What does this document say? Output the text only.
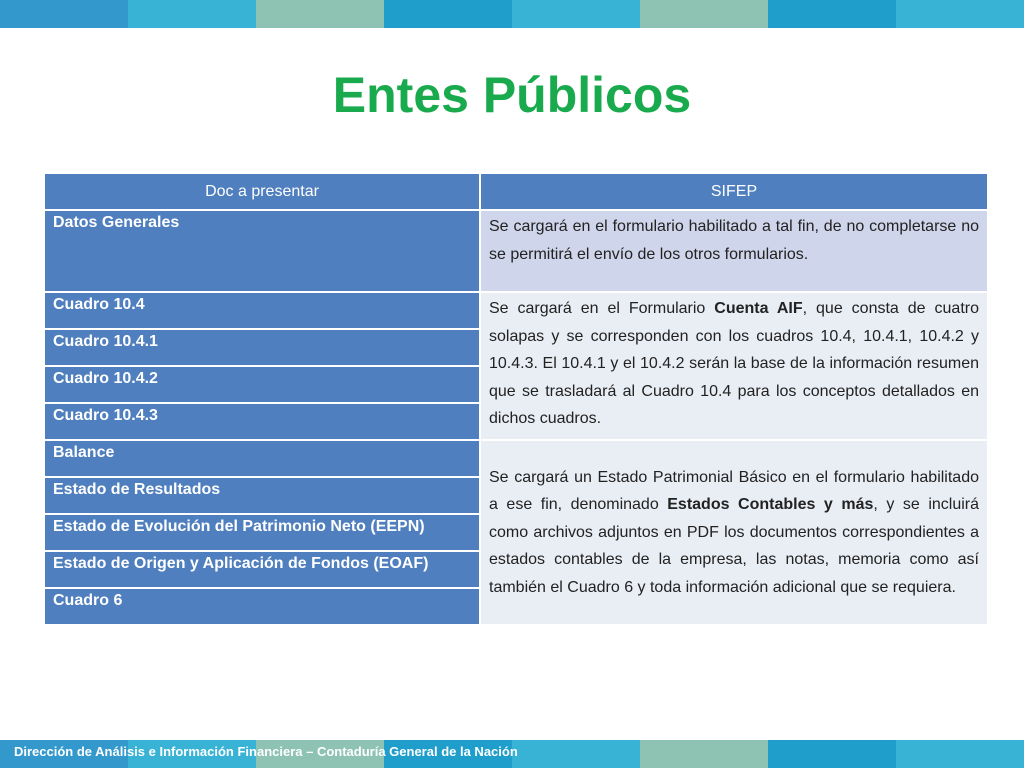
Entes Públicos
Doc a presentar	SIFEP
Datos Generales	Se cargará en el formulario habilitado a tal fin, de no completarse no se permitirá el envío de los otros formularios.
Cuadro 10.4	Se cargará en el Formulario Cuenta AIF, que consta de cuatro solapas y se corresponden con los cuadros 10.4, 10.4.1, 10.4.2 y 10.4.3. El 10.4.1 y el 10.4.2 serán la base de la información resumen que se trasladará al Cuadro 10.4 para los conceptos detallados en dichos cuadros.
Cuadro 10.4.1	
Cuadro 10.4.2	
Cuadro 10.4.3	
Balance	Se cargará un Estado Patrimonial Básico en el formulario habilitado a ese fin, denominado Estados Contables y más, y se incluirá como archivos adjuntos en PDF los documentos correspondientes a estados contables de la empresa, las notas, memoria como así también el Cuadro 6 y toda información adicional que se requiera.
Estado de Resultados	
Estado de Evolución del Patrimonio Neto (EEPN)	
Estado de Origen y Aplicación de Fondos (EOAF)	
Cuadro 6	
Dirección de Análisis e Información Financiera – Contaduría General de la Nación
